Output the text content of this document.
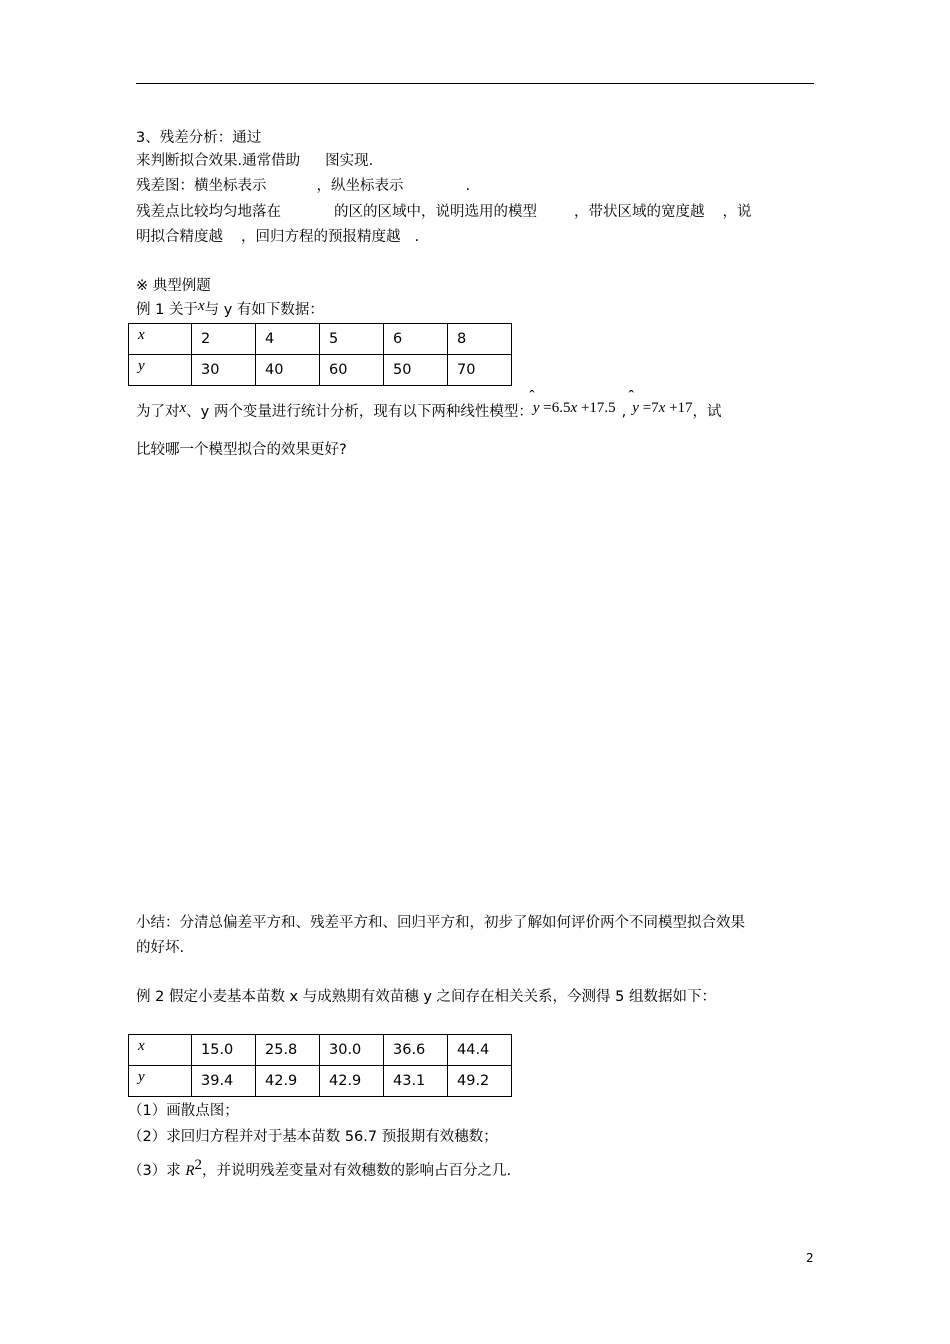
3、残差分析：通过
来判断拟合效果.通常借助 图实现.
残差图：横坐标表示	，纵坐标表示	.
残差点比较均匀地落在	的区的区域中，说明选用的模型	，带状区域的宽度越 ，说
明拟合精度越 ，回归方程的预报精度越 .
※ 典型例题
例 1 关于x与 y 有如下数据：
x	2	4	5	6	8
y	30	40	60	50	70
为了对x、y 两个变量进行统计分析，现有以下两种线性模型：
y =6.5x +17.5 , y =7x +17，试
比较哪一个模型拟合的效果更好?
小结：分清总偏差平方和、残差平方和、回归平方和，初步了解如何评价两个不同模型拟合效果
的好坏.
例 2 假定小麦基本苗数 x 与成熟期有效苗穗 y 之间存在相关关系，今测得 5 组数据如下：
x	15.0	25.8	30.0	36.6	44.4
y	39.4	42.9	42.9	43.1	49.2
（1）画散点图；
（2）求回归方程并对于基本苗数 56.7 预报期有效穗数；
（3）求 $R^2$，并说明残差变量对有效穗数的影响占百分之几.
2
